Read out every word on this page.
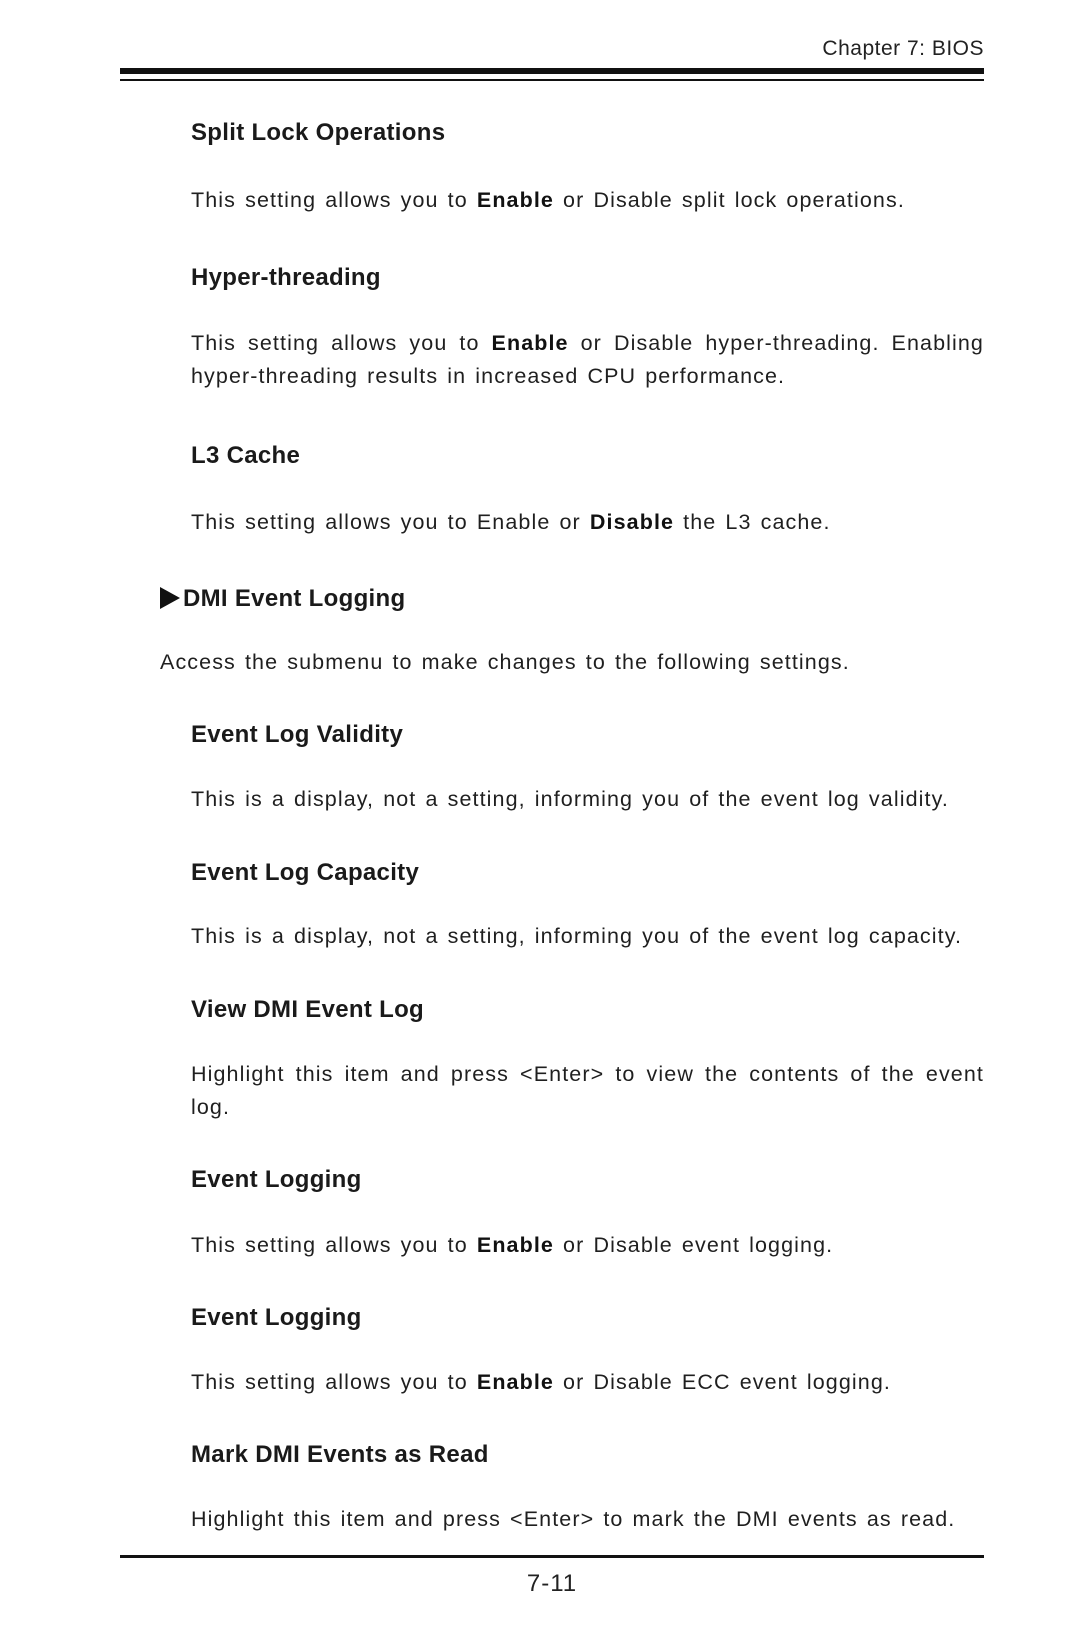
Chapter 7: BIOS
Split Lock Operations

This setting allows you to Enable or Disable split lock operations.

Hyper-threading

This setting allows you to Enable or Disable hyper-threading. Enabling hyper-threading results in increased CPU performance.

L3 Cache

This setting allows you to Enable or Disable the L3 cache.

DMI Event Logging

Access the submenu to make changes to the following settings.

Event Log Validity

This is a display, not a setting, informing you of the event log validity.

Event Log Capacity

This is a display, not a setting, informing you of the event log capacity.

View DMI Event Log

Highlight this item and press <Enter> to view the contents of the event log.

Event Logging

This setting allows you to Enable or Disable event logging.

Event Logging

This setting allows you to Enable or Disable ECC event logging.

Mark DMI Events as Read

Highlight this item and press <Enter> to mark the DMI events as read.

7-11
